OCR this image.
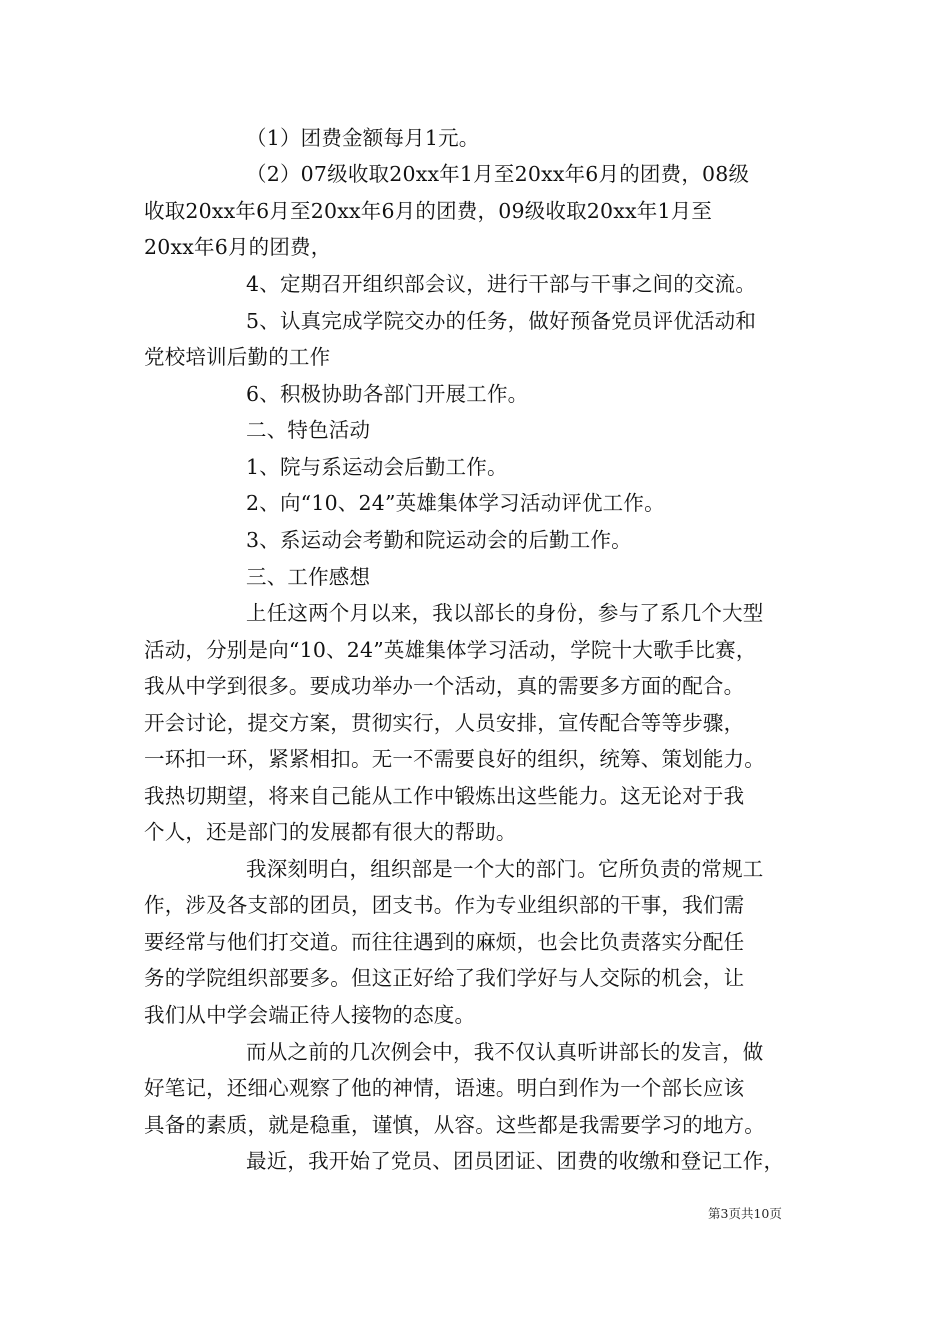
（1）团费金额每月1元。
（2）07级收取20xx年1月至20xx年6月的团费，08级
收取20xx年6月至20xx年6月的团费，09级收取20xx年1月至
20xx年6月的团费，
4、定期召开组织部会议，进行干部与干事之间的交流。
5、认真完成学院交办的任务，做好预备党员评优活动和
党校培训后勤的工作
6、积极协助各部门开展工作。
二、特色活动
1、院与系运动会后勤工作。
2、向“10、24”英雄集体学习活动评优工作。
3、系运动会考勤和院运动会的后勤工作。
三、工作感想
上任这两个月以来，我以部长的身份，参与了系几个大型
活动，分别是向“10、24”英雄集体学习活动，学院十大歌手比赛，
我从中学到很多。要成功举办一个活动，真的需要多方面的配合。
开会讨论，提交方案，贯彻实行，人员安排，宣传配合等等步骤，
一环扣一环，紧紧相扣。无一不需要良好的组织，统筹、策划能力。
我热切期望，将来自己能从工作中锻炼出这些能力。这无论对于我
个人，还是部门的发展都有很大的帮助。
我深刻明白，组织部是一个大的部门。它所负责的常规工
作，涉及各支部的团员，团支书。作为专业组织部的干事，我们需
要经常与他们打交道。而往往遇到的麻烦，也会比负责落实分配任
务的学院组织部要多。但这正好给了我们学好与人交际的机会，让
我们从中学会端正待人接物的态度。
而从之前的几次例会中，我不仅认真听讲部长的发言，做
好笔记，还细心观察了他的神情，语速。明白到作为一个部长应该
具备的素质，就是稳重，谨慎，从容。这些都是我需要学习的地方。
最近，我开始了党员、团员团证、团费的收缴和登记工作，
第3页共10页
